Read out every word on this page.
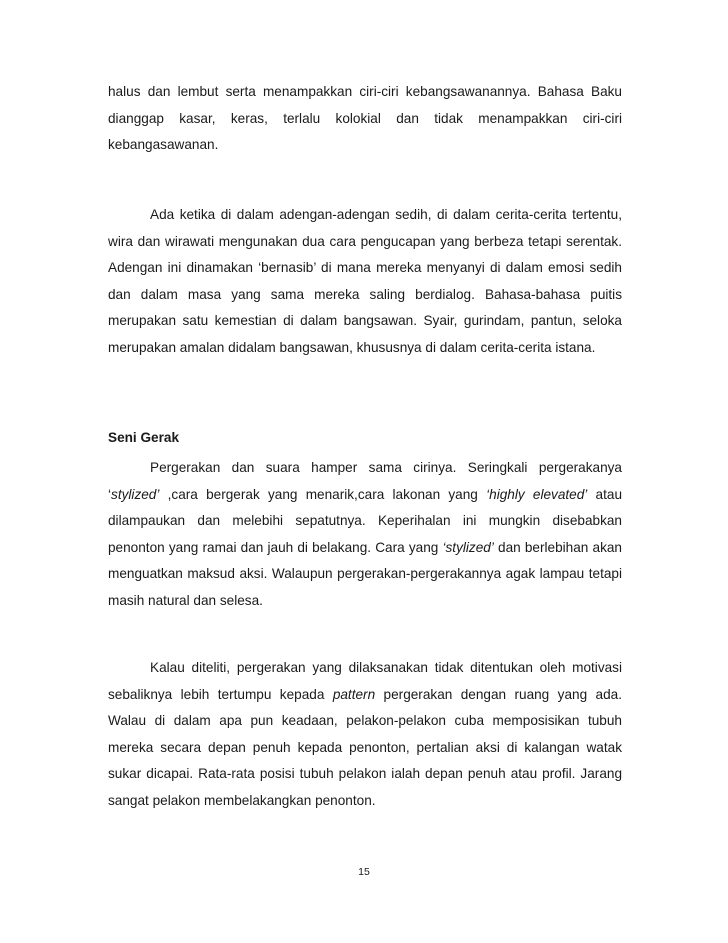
halus dan lembut serta menampakkan ciri-ciri kebangsawanannya. Bahasa Baku dianggap kasar, keras, terlalu kolokial dan tidak menampakkan ciri-ciri kebangasawanan.

Ada ketika di dalam adengan-adengan sedih, di dalam cerita-cerita tertentu, wira dan wirawati mengunakan dua cara pengucapan yang berbeza tetapi serentak. Adengan ini dinamakan ‘bernasib’ di mana mereka menyanyi di dalam emosi sedih dan dalam masa yang sama mereka saling berdialog. Bahasa-bahasa puitis merupakan satu kemestian di dalam bangsawan. Syair, gurindam, pantun, seloka merupakan amalan didalam bangsawan, khususnya di dalam cerita-cerita istana.

Seni Gerak

Pergerakan dan suara hamper sama cirinya. Seringkali pergerakanya ‘stylized’ ,cara bergerak yang menarik,cara lakonan yang ‘highly elevated’ atau dilampaukan dan melebihi sepatutnya. Keperihalan ini mungkin disebabkan penonton yang ramai dan jauh di belakang. Cara yang ‘stylized’ dan berlebihan akan menguatkan maksud aksi. Walaupun pergerakan-pergerakannya agak lampau tetapi masih natural dan selesa.

Kalau diteliti, pergerakan yang dilaksanakan tidak ditentukan oleh motivasi sebaliknya lebih tertumpu kepada pattern pergerakan dengan ruang yang ada. Walau di dalam apa pun keadaan, pelakon-pelakon cuba memposisikan tubuh mereka secara depan penuh kepada penonton, pertalian aksi di kalangan watak sukar dicapai. Rata-rata posisi tubuh pelakon ialah depan penuh atau profil. Jarang sangat pelakon membelakangkan penonton.

15
